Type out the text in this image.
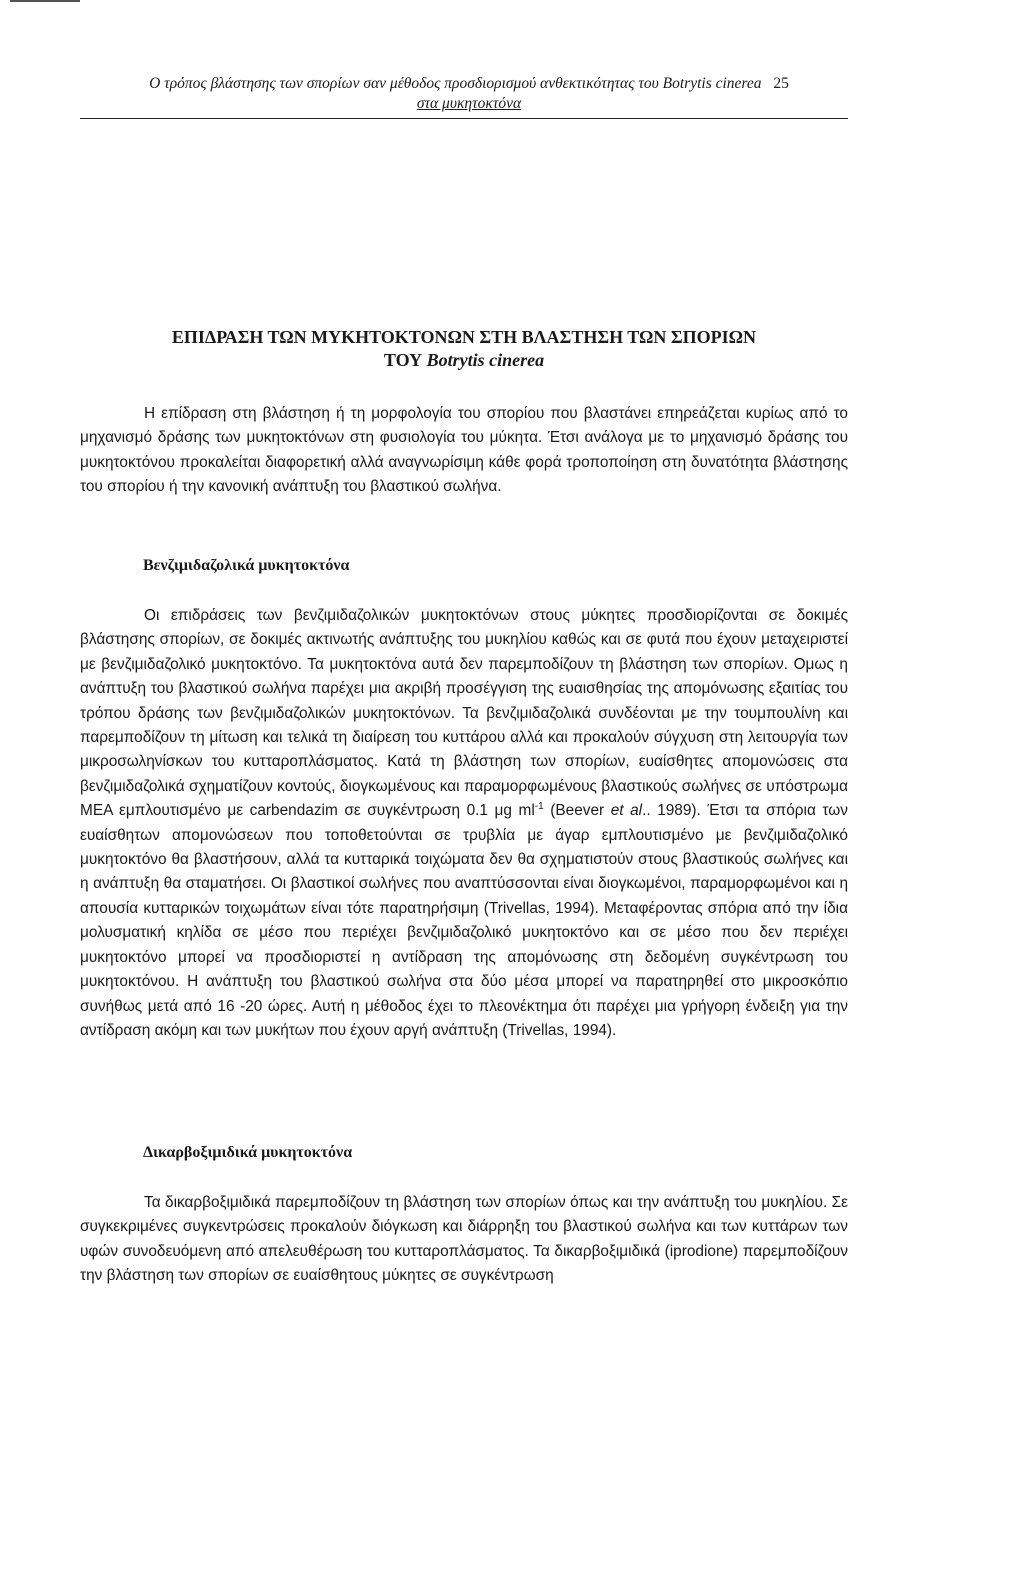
Ο τρόπος βλάστησης των σπορίων σαν μέθοδος προσδιορισμού ανθεκτικότητας του Botrytis cinerea 25
στα μυκητοκτόνα
ΕΠΙΔΡΑΣΗ ΤΩΝ ΜΥΚΗΤΟΚΤΟΝΩΝ ΣΤΗ ΒΛΑΣΤΗΣΗ ΤΩΝ ΣΠΟΡΙΩΝ
ΤΟΥ Botrytis cinerea

Η επίδραση στη βλάστηση ή τη μορφολογία του σπορίου που βλαστάνει επηρεάζεται κυρίως από το μηχανισμό δράσης των μυκητοκτόνων στη φυσιολογία του μύκητα. Έτσι ανάλογα με το μηχανισμό δράσης του μυκητοκτόνου προκαλείται διαφορετική αλλά αναγνωρίσιμη κάθε φορά τροποποίηση στη δυνατότητα βλάστησης του σπορίου ή την κανονική ανάπτυξη του βλαστικού σωλήνα.

Βενζιμιδαζολικά μυκητοκτόνα

Οι επιδράσεις των βενζιμιδαζολικών μυκητοκτόνων στους μύκητες προσδιορίζονται σε δοκιμές βλάστησης σπορίων, σε δοκιμές ακτινωτής ανάπτυξης του μυκηλίου καθώς και σε φυτά που έχουν μεταχειριστεί με βενζιμιδαζολικό μυκητοκτόνο. Τα μυκητοκτόνα αυτά δεν παρεμποδίζουν τη βλάστηση των σπορίων. Ομως η ανάπτυξη του βλαστικού σωλήνα παρέχει μια ακριβή προσέγγιση της ευαισθησίας της απομόνωσης εξαιτίας του τρόπου δράσης των βενζιμιδαζολικών μυκητοκτόνων. Τα βενζιμιδαζολικά συνδέονται με την τουμπουλίνη και παρεμποδίζουν τη μίτωση και τελικά τη διαίρεση του κυττάρου αλλά και προκαλούν σύγχυση στη λειτουργία των μικροσωληνίσκων του κυτταροπλάσματος. Κατά τη βλάστηση των σπορίων, ευαίσθητες απομονώσεις στα βενζιμιδαζολικά σχηματίζουν κοντούς, διογκωμένους και παραμορφωμένους βλαστικούς σωλήνες σε υπόστρωμα ΜΕΑ εμπλουτισμένο με carbendazim σε συγκέντρωση 0.1 μg $ml^{-1}$ (Beever et al.. 1989). Έτσι τα σπόρια των ευαίσθητων απομονώσεων που τοποθετούνται σε τρυβλία με άγαρ εμπλουτισμένο με βενζιμιδαζολικό μυκητοκτόνο θα βλαστήσουν, αλλά τα κυτταρικά τοιχώματα δεν θα σχηματιστούν στους βλαστικούς σωλήνες και η ανάπτυξη θα σταματήσει. Οι βλαστικοί σωλήνες που αναπτύσσονται είναι διογκωμένοι, παραμορφωμένοι και η απουσία κυτταρικών τοιχωμάτων είναι τότε παρατηρήσιμη (Trivellas, 1994). Μεταφέροντας σπόρια από την ίδια μολυσματική κηλίδα σε μέσο που περιέχει βενζιμιδαζολικό μυκητοκτόνο και σε μέσο που δεν περιέχει μυκητοκτόνο μπορεί να προσδιοριστεί η αντίδραση της απομόνωσης στη δεδομένη συγκέντρωση του μυκητοκτόνου. Η ανάπτυξη του βλαστικού σωλήνα στα δύο μέσα μπορεί να παρατηρηθεί στο μικροσκόπιο συνήθως μετά από 16 -20 ώρες. Αυτή η μέθοδος έχει το πλεονέκτημα ότι παρέχει μια γρήγορη ένδειξη για την αντίδραση ακόμη και των μυκήτων που έχουν αργή ανάπτυξη (Trivellas, 1994).

Δικαρβοξιμιδικά μυκητοκτόνα

Τα δικαρβοξιμιδικά παρεμποδίζουν τη βλάστηση των σπορίων όπως και την ανάπτυξη του μυκηλίου. Σε συγκεκριμένες συγκεντρώσεις προκαλούν διόγκωση και διάρρηξη του βλαστικού σωλήνα και των κυττάρων των υφών συνοδευόμενη από απελευθέρωση του κυτταροπλάσματος. Τα δικαρβοξιμιδικά (iprodione) παρεμποδίζουν την βλάστηση των σπορίων σε ευαίσθητους μύκητες σε συγκέντρωση
